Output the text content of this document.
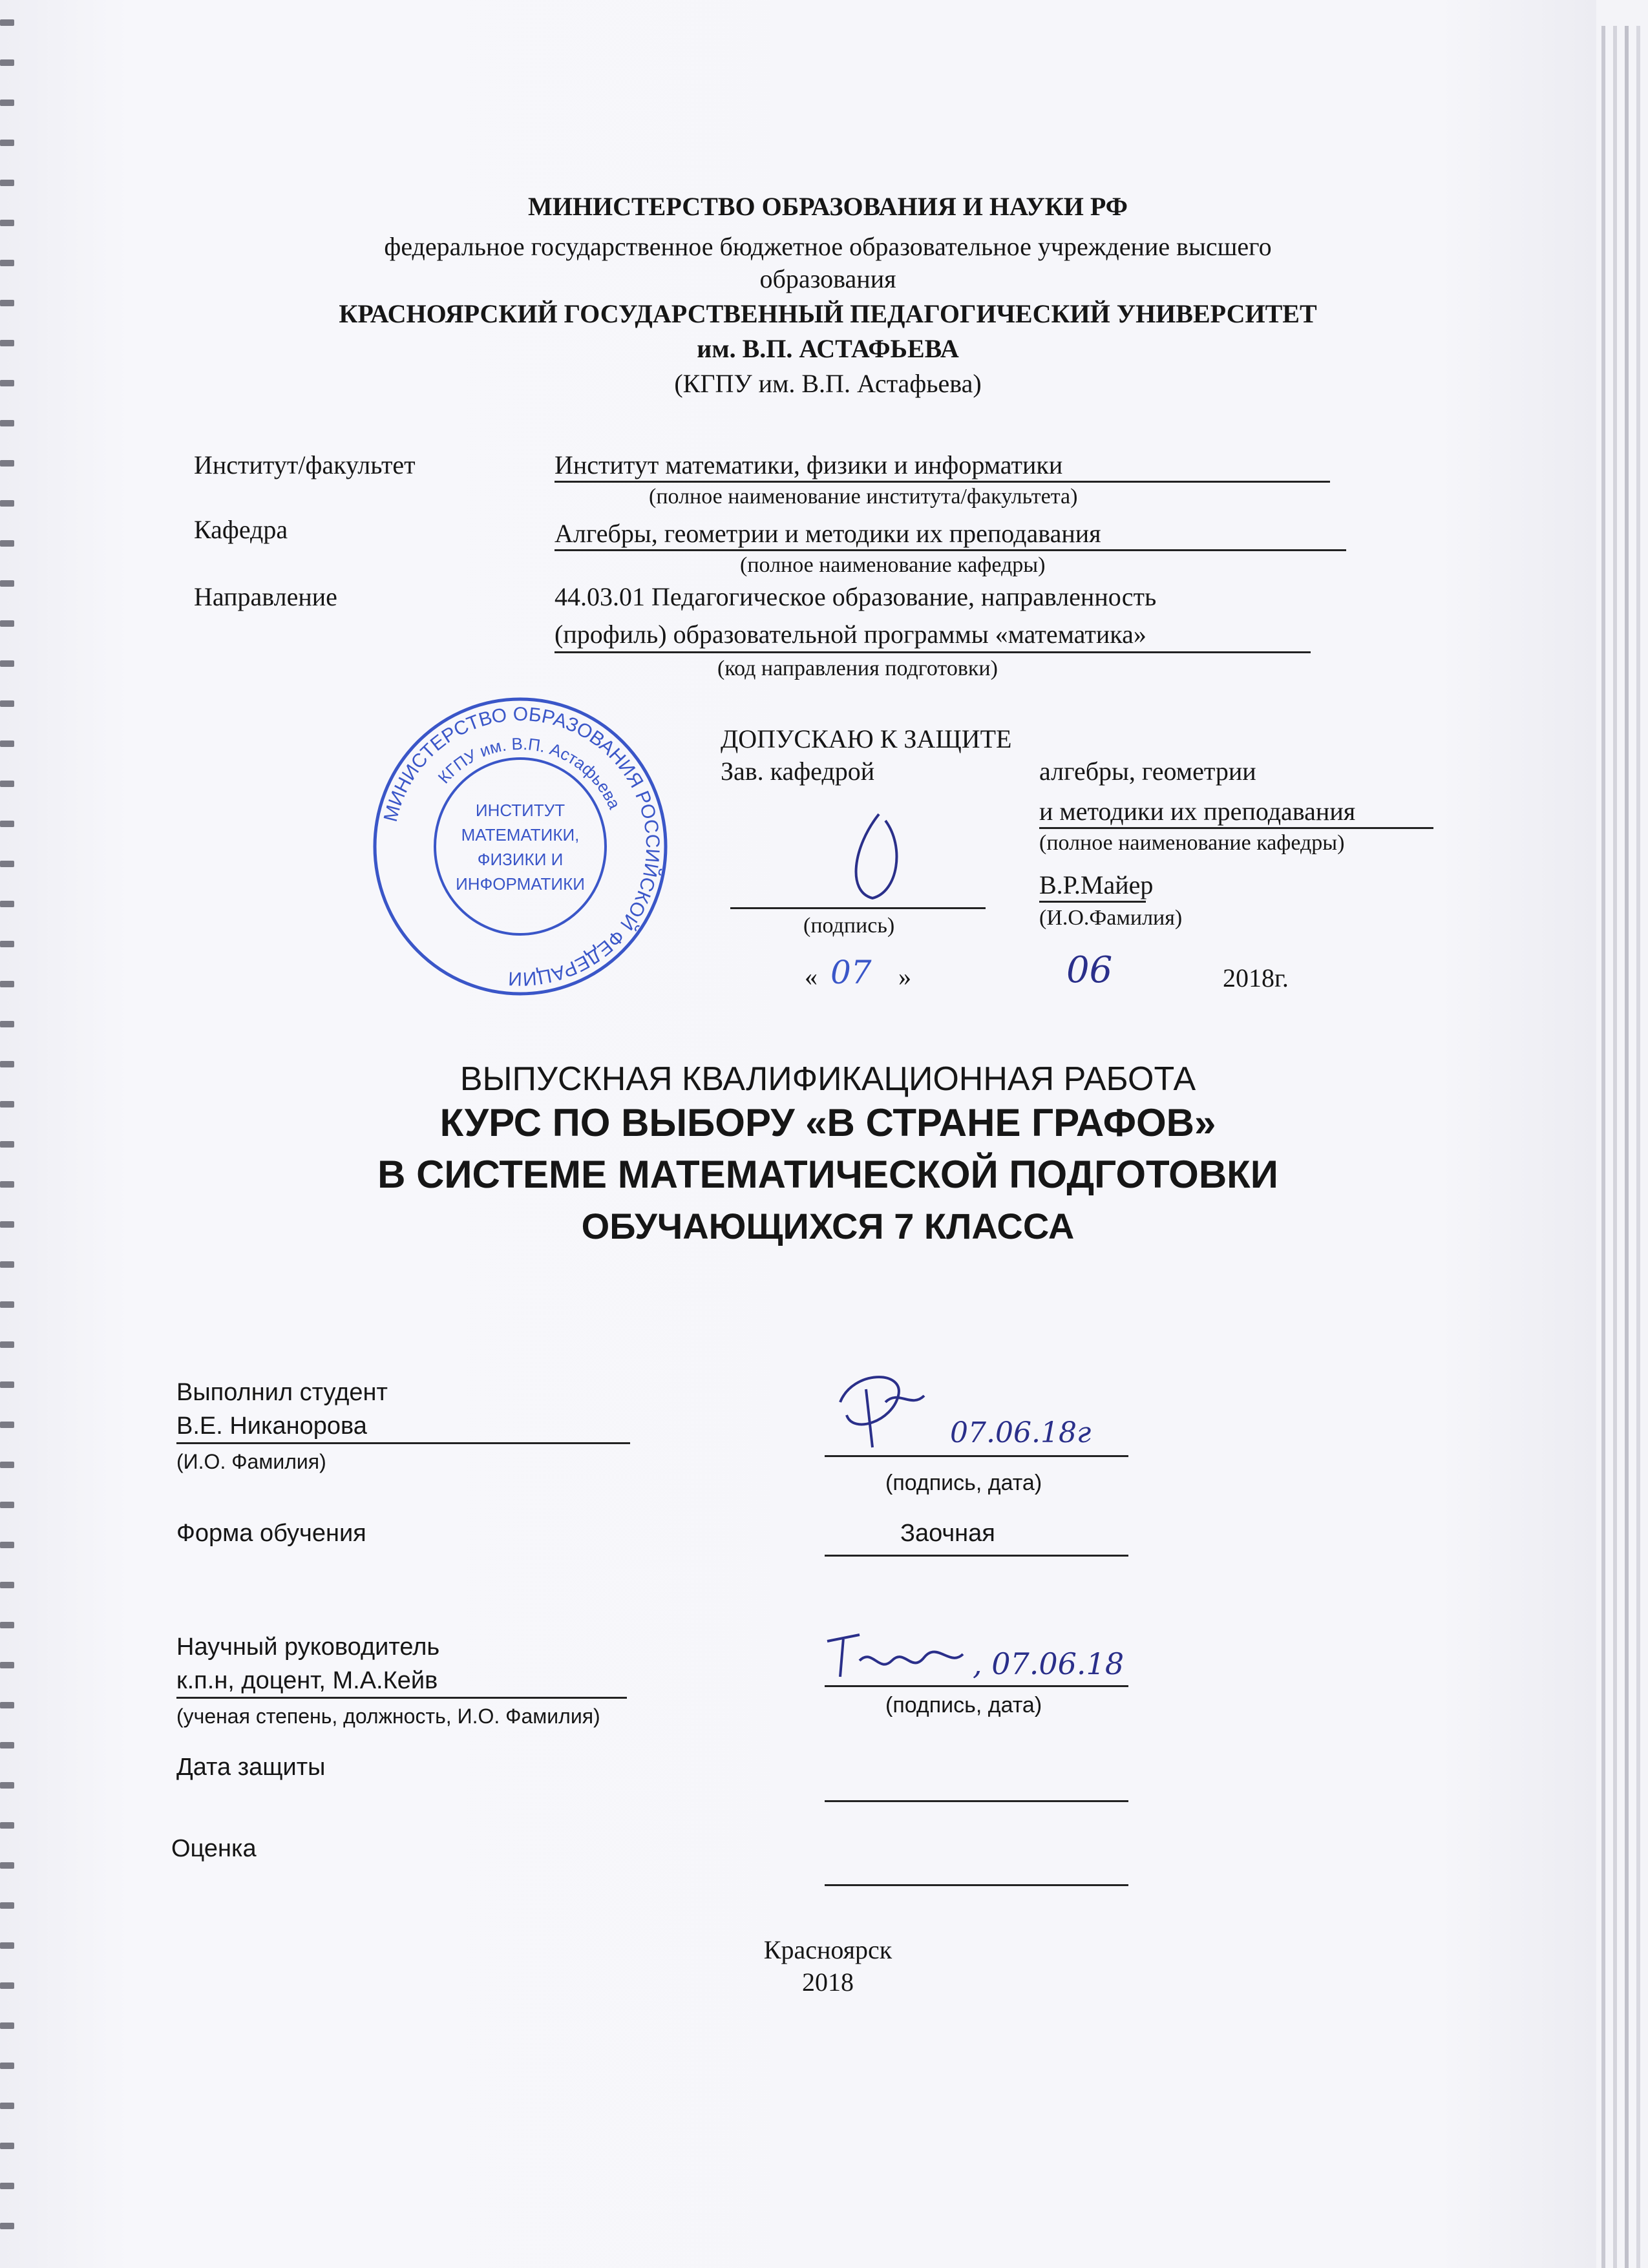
МИНИСТЕРСТВО ОБРАЗОВАНИЯ И НАУКИ РФ
федеральное государственное бюджетное образовательное учреждение высшего
образования
КРАСНОЯРСКИЙ ГОСУДАРСТВЕННЫЙ ПЕДАГОГИЧЕСКИЙ УНИВЕРСИТЕТ
им. В.П. АСТАФЬЕВА
(КГПУ им. В.П. Астафьева)
Институт/факультет	Институт математики, физики и информатики
(полное наименование института/факультета)
Кафедра	Алгебры, геометрии и методики их преподавания
(полное наименование кафедры)
Направление	44.03.01 Педагогическое образование, направленность
(профиль) образовательной программы «математика»
(код направления подготовки)
МИНИСТЕРСТВО ОБРАЗОВАНИЯ РОССИЙСКОЙ ФЕДЕРАЦИИ
КГПУ им. В.П. Астафьева
ИНСТИТУТ
МАТЕМАТИКИ,
ФИЗИКИ И
ИНФОРМАТИКИ
ДОПУСКАЮ К ЗАЩИТЕ
Зав. кафедрой	алгебры, геометрии
и методики их преподавания
(полное наименование кафедры)
(подпись)
В.Р.Майер
(И.О.Фамилия)
« 07 »	06	2018г.
ВЫПУСКНАЯ КВАЛИФИКАЦИОННАЯ РАБОТА
КУРС ПО ВЫБОРУ «В СТРАНЕ ГРАФОВ»
В СИСТЕМЕ МАТЕМАТИЧЕСКОЙ ПОДГОТОВКИ
ОБУЧАЮЩИХСЯ 7 КЛАССА
Выполнил студент
В.Е. Никанорова
(И.О. Фамилия)
07.06.18г
(подпись, дата)
Форма обучения	Заочная
Научный руководитель
к.п.н, доцент, М.А.Кейв
(ученая степень, должность, И.О. Фамилия)
, 07.06.18
(подпись, дата)
Дата защиты
Оценка
Красноярск
2018
